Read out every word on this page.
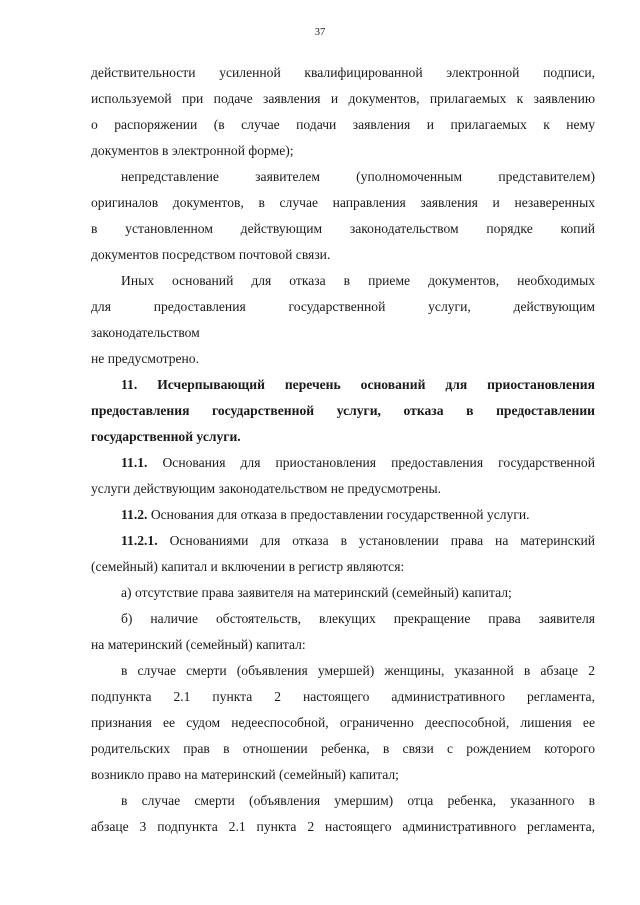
37
действительности усиленной квалифицированной электронной подписи,
используемой при подаче заявления и документов, прилагаемых к заявлению
о распоряжении (в случае подачи заявления и прилагаемых к нему
документов в электронной форме);
непредставление заявителем (уполномоченным представителем)
оригиналов документов, в случае направления заявления и незаверенных
в установленном действующим законодательством порядке копий
документов посредством почтовой связи.
Иных оснований для отказа в приеме документов, необходимых
для предоставления государственной услуги, действующим
законодательством
не предусмотрено.
11. Исчерпывающий перечень оснований для приостановления
предоставления государственной услуги, отказа в предоставлении
государственной услуги.
11.1. Основания для приостановления предоставления государственной
услуги действующим законодательством не предусмотрены.
11.2. Основания для отказа в предоставлении государственной услуги.
11.2.1. Основаниями для отказа в установлении права на материнский
(семейный) капитал и включении в регистр являются:
а) отсутствие права заявителя на материнский (семейный) капитал;
б) наличие обстоятельств, влекущих прекращение права заявителя
на материнский (семейный) капитал:
в случае смерти (объявления умершей) женщины, указанной в абзаце 2
подпункта 2.1 пункта 2 настоящего административного регламента,
признания ее судом недееспособной, ограниченно дееспособной, лишения ее
родительских прав в отношении ребенка, в связи с рождением которого
возникло право на материнский (семейный) капитал;
в случае смерти (объявления умершим) отца ребенка, указанного в
абзаце 3 подпункта 2.1 пункта 2 настоящего административного регламента,
